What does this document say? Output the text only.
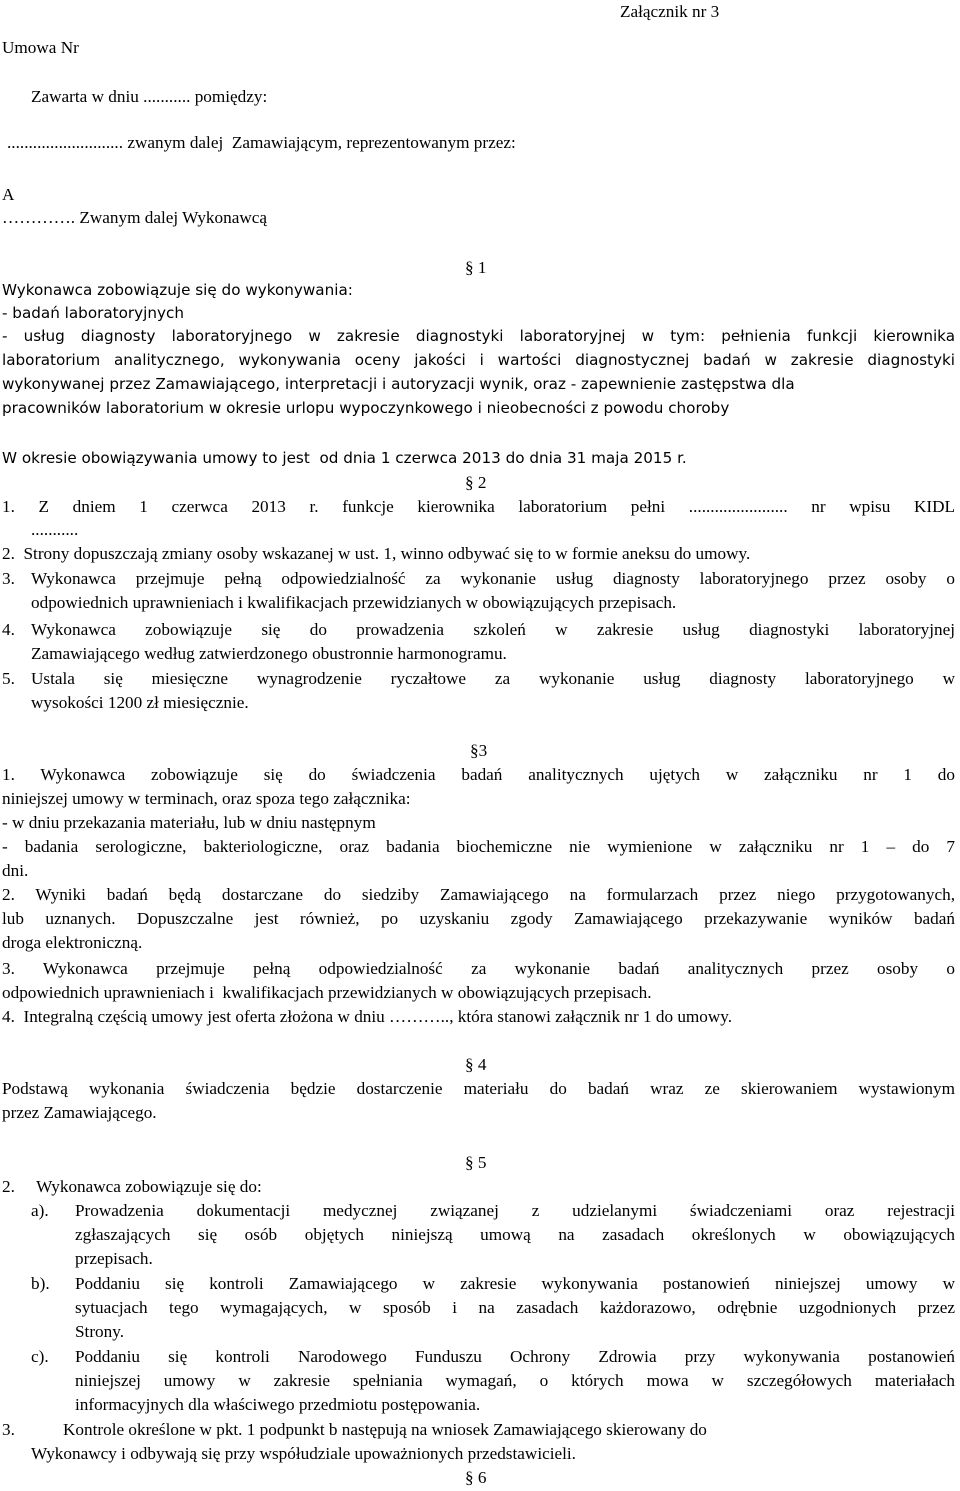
Załącznik nr 3
Umowa Nr
Zawarta w dniu ........... pomiędzy:
........................... zwanym dalej  Zamawiającym, reprezentowanym przez:
A
…………. Zwanym dalej Wykonawcą
§ 1
Wykonawca zobowiązuje się do wykonywania:
- badań laboratoryjnych
- usług diagnosty laboratoryjnego w zakresie diagnostyki laboratoryjnej w tym: pełnienia funkcji kierownika
laboratorium analitycznego, wykonywania oceny jakości i wartości diagnostycznej badań w zakresie diagnostyki
wykonywanej przez Zamawiającego, interpretacji i autoryzacji wynik, oraz - zapewnienie zastępstwa dla
pracowników laboratorium w okresie urlopu wypoczynkowego i nieobecności z powodu choroby
W okresie obowiązywania umowy to jest  od dnia 1 czerwca 2013 do dnia 31 maja 2015 r.
§ 2
1. Z dniem 1 czerwca 2013 r. funkcje kierownika laboratorium pełni ....................... nr wpisu KIDL
...........
2.  Strony dopuszczają zmiany osoby wskazanej w ust. 1, winno odbywać się to w formie aneksu do umowy.
3. Wykonawca przejmuje pełną odpowiedzialność za wykonanie usług diagnosty laboratoryjnego przez osoby o
odpowiednich uprawnieniach i kwalifikacjach przewidzianych w obowiązujących przepisach.
4. Wykonawca zobowiązuje się do prowadzenia szkoleń w zakresie usług diagnostyki laboratoryjnej
Zamawiającego według zatwierdzonego obustronnie harmonogramu.
5. Ustala się miesięczne wynagrodzenie ryczałtowe za wykonanie usług diagnosty laboratoryjnego w
wysokości 1200 zł miesięcznie.
§3
1. Wykonawca zobowiązuje się do świadczenia badań analitycznych ujętych w załączniku nr 1 do
niniejszej umowy w terminach, oraz spoza tego załącznika:
- w dniu przekazania materiału, lub w dniu następnym
- badania serologiczne, bakteriologiczne, oraz badania biochemiczne nie wymienione w załączniku nr 1 – do 7
dni.
2. Wyniki badań będą dostarczane do siedziby Zamawiającego na formularzach przez niego przygotowanych,
lub uznanych. Dopuszczalne jest również, po uzyskaniu zgody Zamawiającego przekazywanie wyników badań
droga elektroniczną.
3. Wykonawca przejmuje pełną odpowiedzialność za wykonanie badań analitycznych przez osoby o
odpowiednich uprawnieniach i  kwalifikacjach przewidzianych w obowiązujących przepisach.
4.  Integralną częścią umowy jest oferta złożona w dniu ……….., która stanowi załącznik nr 1 do umowy.
§ 4
Podstawą wykonania świadczenia będzie dostarczenie materiału do badań wraz ze skierowaniem wystawionym
przez Zamawiającego.
§ 5
2.     Wykonawca zobowiązuje się do:
a). Prowadzenia dokumentacji medycznej związanej z udzielanymi świadczeniami oraz rejestracji
zgłaszających się osób objętych niniejszą umową na zasadach określonych w obowiązujących
przepisach.
b). Poddaniu się kontroli Zamawiającego w zakresie wykonywania postanowień niniejszej umowy w
sytuacjach tego wymagających, w sposób i na zasadach każdorazowo, odrębnie uzgodnionych przez
Strony.
c). Poddaniu się kontroli Narodowego Funduszu Ochrony Zdrowia przy wykonywania postanowień
niniejszej umowy w zakresie spełniania wymagań, o których mowa w szczegółowych materiałach
informacyjnych dla właściwego przedmiotu postępowania.
3.	Kontrole określone w pkt. 1 podpunkt b następują na wniosek Zamawiającego skierowany do
Wykonawcy i odbywają się przy współudziale upoważnionych przedstawicieli.
§ 6
